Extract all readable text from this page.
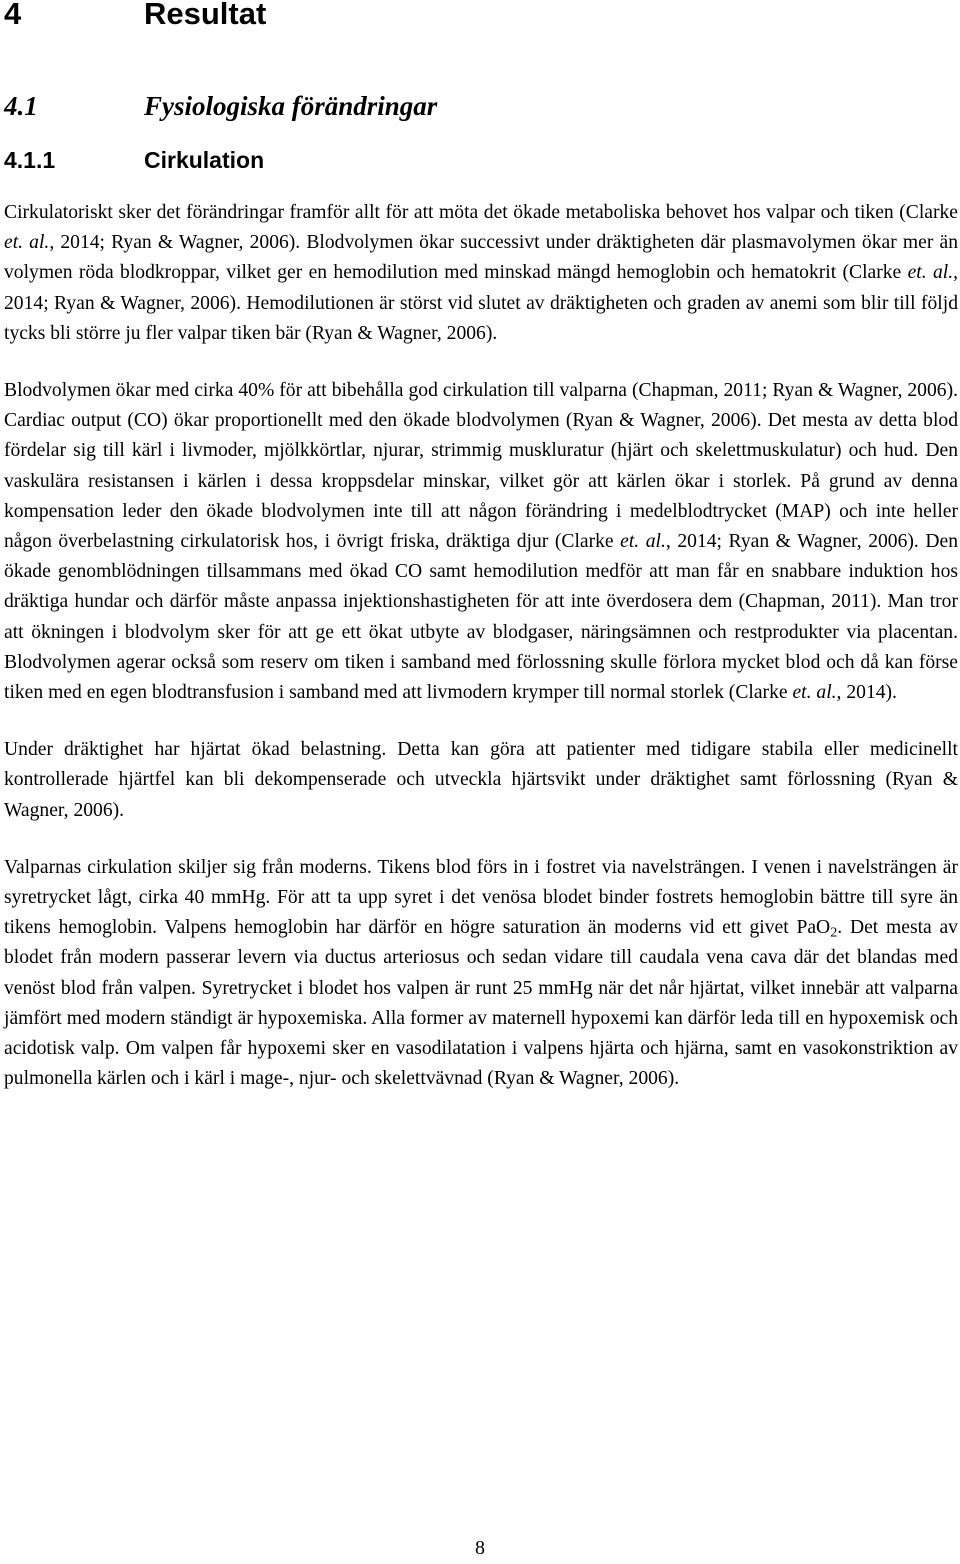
4	Resultat
4.1	Fysiologiska förändringar
4.1.1	Cirkulation

Cirkulatoriskt sker det förändringar framför allt för att möta det ökade metaboliska behovet hos valpar och tiken (Clarke et. al., 2014; Ryan & Wagner, 2006). Blodvolymen ökar successivt under dräktigheten där plasmavolymen ökar mer än volymen röda blodkroppar, vilket ger en hemodilution med minskad mängd hemoglobin och hematokrit (Clarke et. al., 2014; Ryan & Wagner, 2006). Hemodilutionen är störst vid slutet av dräktigheten och graden av anemi som blir till följd tycks bli större ju fler valpar tiken bär (Ryan & Wagner, 2006).

Blodvolymen ökar med cirka 40% för att bibehålla god cirkulation till valparna (Chapman, 2011; Ryan & Wagner, 2006). Cardiac output (CO) ökar proportionellt med den ökade blodvolymen (Ryan & Wagner, 2006). Det mesta av detta blod fördelar sig till kärl i livmoder, mjölkkörtlar, njurar, strimmig muskluratur (hjärt och skelettmuskulatur) och hud. Den vaskulära resistansen i kärlen i dessa kroppsdelar minskar, vilket gör att kärlen ökar i storlek. På grund av denna kompensation leder den ökade blodvolymen inte till att någon förändring i medelblodtrycket (MAP) och inte heller någon överbelastning cirkulatorisk hos, i övrigt friska, dräktiga djur (Clarke et. al., 2014; Ryan & Wagner, 2006). Den ökade genomblödningen tillsammans med ökad CO samt hemodilution medför att man får en snabbare induktion hos dräktiga hundar och därför måste anpassa injektionshastigheten för att inte överdosera dem (Chapman, 2011). Man tror att ökningen i blodvolym sker för att ge ett ökat utbyte av blodgaser, näringsämnen och restprodukter via placentan. Blodvolymen agerar också som reserv om tiken i samband med förlossning skulle förlora mycket blod och då kan förse tiken med en egen blodtransfusion i samband med att livmodern krymper till normal storlek (Clarke et. al., 2014).

Under dräktighet har hjärtat ökad belastning. Detta kan göra att patienter med tidigare stabila eller medicinellt kontrollerade hjärtfel kan bli dekompenserade och utveckla hjärtsvikt under dräktighet samt förlossning (Ryan & Wagner, 2006).

Valparnas cirkulation skiljer sig från moderns. Tikens blod förs in i fostret via navelsträngen. I venen i navelsträngen är syretrycket lågt, cirka 40 mmHg. För att ta upp syret i det venösa blodet binder fostrets hemoglobin bättre till syre än tikens hemoglobin. Valpens hemoglobin har därför en högre saturation än moderns vid ett givet PaO$_2$. Det mesta av blodet från modern passerar levern via ductus arteriosus och sedan vidare till caudala vena cava där det blandas med venöst blod från valpen. Syretrycket i blodet hos valpen är runt 25 mmHg när det når hjärtat, vilket innebär att valparna jämfört med modern ständigt är hypoxemiska. Alla former av maternell hypoxemi kan därför leda till en hypoxemisk och acidotisk valp. Om valpen får hypoxemi sker en vasodilatation i valpens hjärta och hjärna, samt en vasokonstriktion av pulmonella kärlen och i kärl i mage-, njur- och skelettvävnad (Ryan & Wagner, 2006).

8
